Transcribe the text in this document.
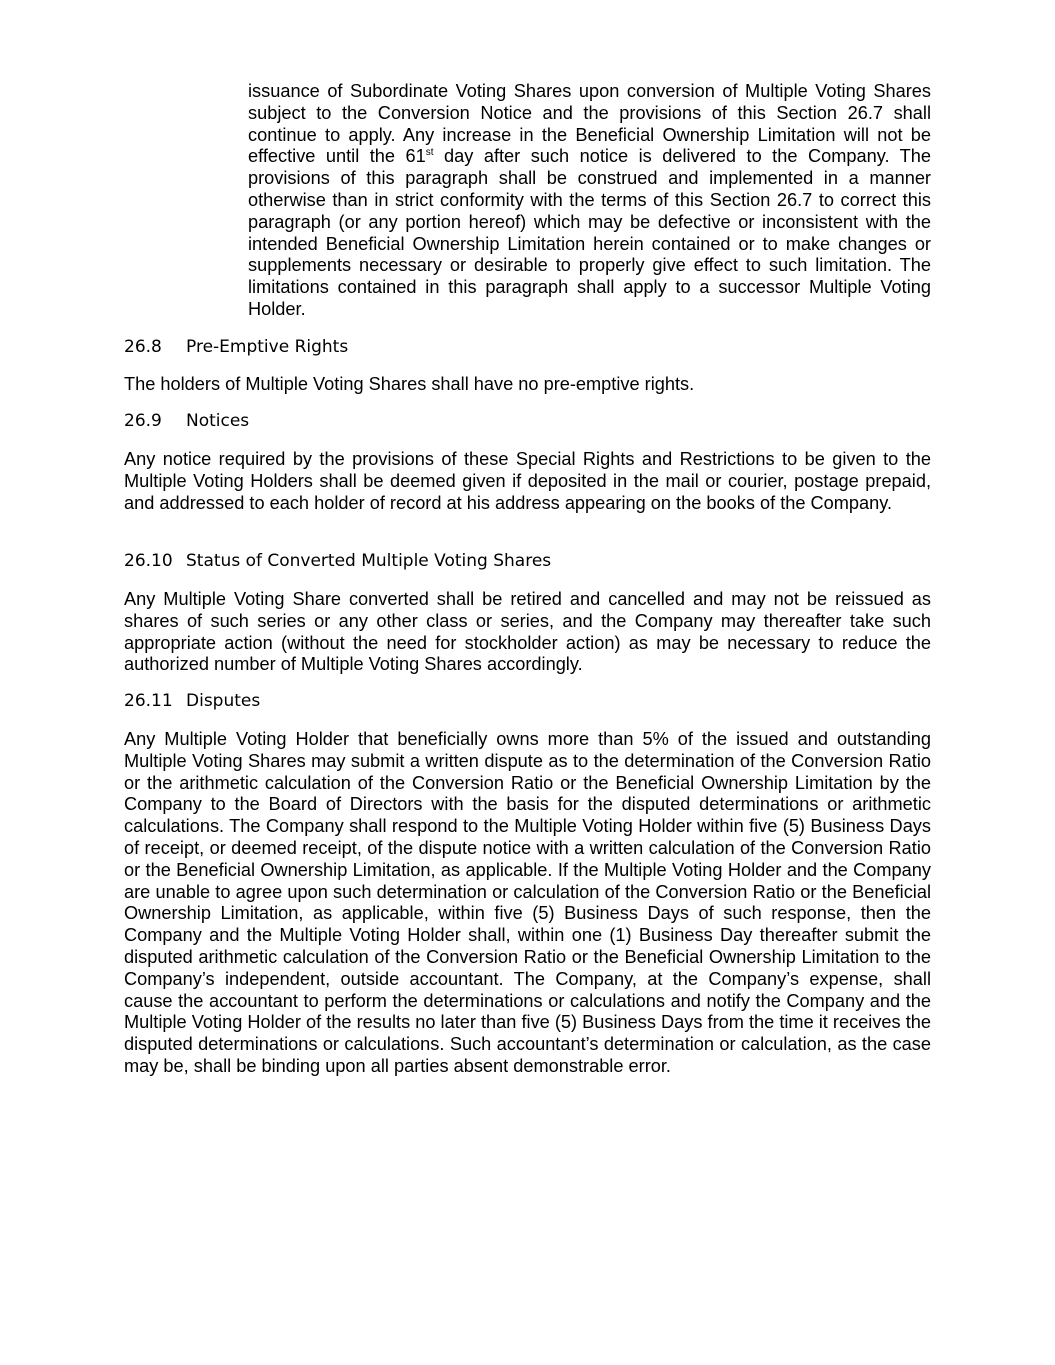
issuance of Subordinate Voting Shares upon conversion of Multiple Voting Shares subject to the Conversion Notice and the provisions of this Section 26.7 shall continue to apply. Any increase in the Beneficial Ownership Limitation will not be effective until the 61st day after such notice is delivered to the Company. The provisions of this paragraph shall be construed and implemented in a manner otherwise than in strict conformity with the terms of this Section 26.7 to correct this paragraph (or any portion hereof) which may be defective or inconsistent with the intended Beneficial Ownership Limitation herein contained or to make changes or supplements necessary or desirable to properly give effect to such limitation. The limitations contained in this paragraph shall apply to a successor Multiple Voting Holder.

26.8 Pre-Emptive Rights

The holders of Multiple Voting Shares shall have no pre-emptive rights.

26.9 Notices

Any notice required by the provisions of these Special Rights and Restrictions to be given to the Multiple Voting Holders shall be deemed given if deposited in the mail or courier, postage prepaid, and addressed to each holder of record at his address appearing on the books of the Company.

26.10 Status of Converted Multiple Voting Shares

Any Multiple Voting Share converted shall be retired and cancelled and may not be reissued as shares of such series or any other class or series, and the Company may thereafter take such appropriate action (without the need for stockholder action) as may be necessary to reduce the authorized number of Multiple Voting Shares accordingly.

26.11 Disputes

Any Multiple Voting Holder that beneficially owns more than 5% of the issued and outstanding Multiple Voting Shares may submit a written dispute as to the determination of the Conversion Ratio or the arithmetic calculation of the Conversion Ratio or the Beneficial Ownership Limitation by the Company to the Board of Directors with the basis for the disputed determinations or arithmetic calculations. The Company shall respond to the Multiple Voting Holder within five (5) Business Days of receipt, or deemed receipt, of the dispute notice with a written calculation of the Conversion Ratio or the Beneficial Ownership Limitation, as applicable. If the Multiple Voting Holder and the Company are unable to agree upon such determination or calculation of the Conversion Ratio or the Beneficial Ownership Limitation, as applicable, within five (5) Business Days of such response, then the Company and the Multiple Voting Holder shall, within one (1) Business Day thereafter submit the disputed arithmetic calculation of the Conversion Ratio or the Beneficial Ownership Limitation to the Company’s independent, outside accountant. The Company, at the Company’s expense, shall cause the accountant to perform the determinations or calculations and notify the Company and the Multiple Voting Holder of the results no later than five (5) Business Days from the time it receives the disputed determinations or calculations. Such accountant’s determination or calculation, as the case may be, shall be binding upon all parties absent demonstrable error.
